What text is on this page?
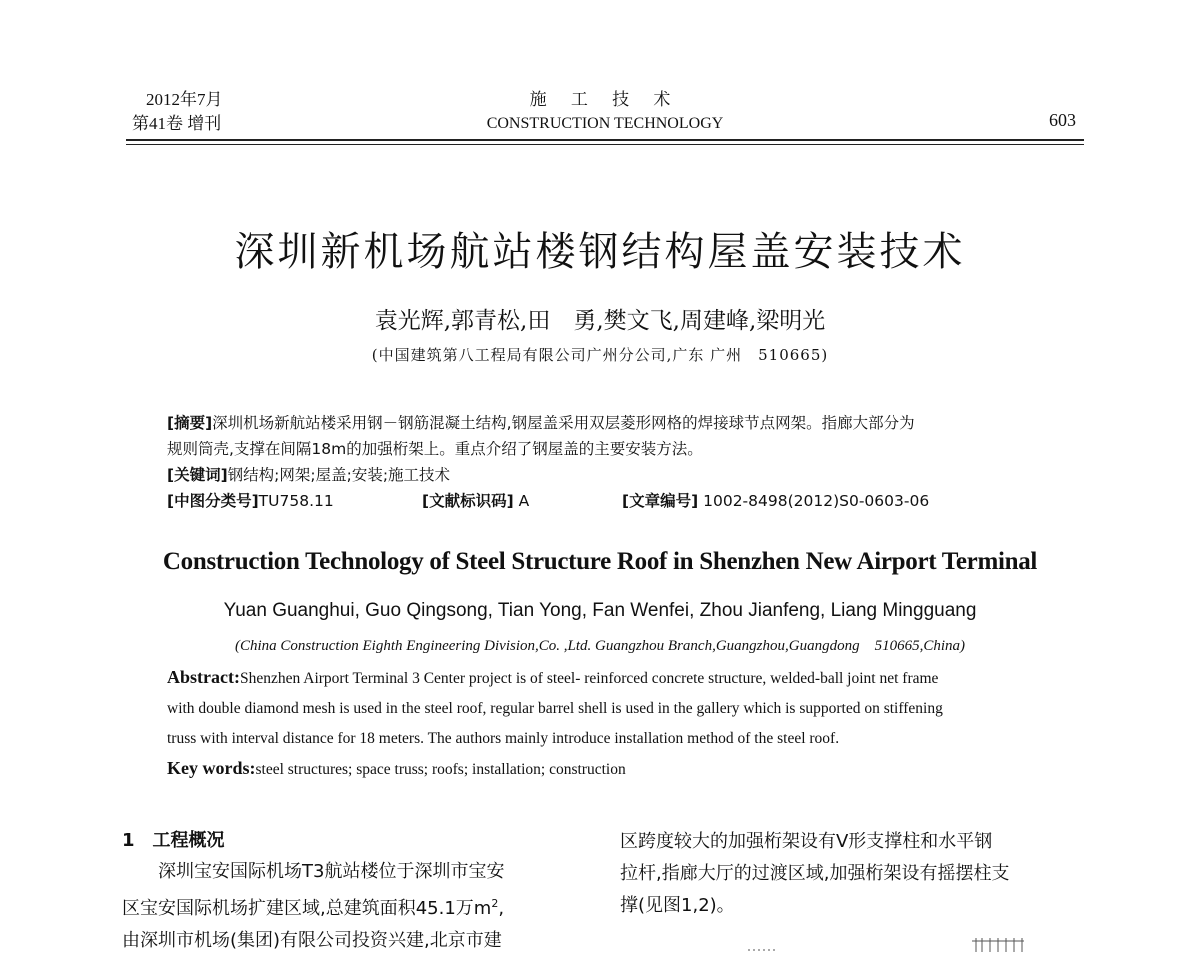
2012年7月
第41卷 增刊
施 工 技 术
CONSTRUCTION TECHNOLOGY	603
深圳新机场航站楼钢结构屋盖安装技术
袁光辉,郭青松,田　勇,樊文飞,周建峰,梁明光
(中国建筑第八工程局有限公司广州分公司,广东 广州　510665)
[摘要]深圳机场新航站楼采用钢－钢筋混凝土结构,钢屋盖采用双层菱形网格的焊接球节点网架。指廊大部分为
规则筒壳,支撑在间隔18m的加强桁架上。重点介绍了钢屋盖的主要安装方法。
[关键词]钢结构;网架;屋盖;安装;施工技术
[中图分类号]TU758.11	[文献标识码] A	[文章编号] 1002-8498(2012)S0-0603-06
Construction Technology of Steel Structure Roof in Shenzhen New Airport Terminal
Yuan Guanghui, Guo Qingsong, Tian Yong, Fan Wenfei, Zhou Jianfeng, Liang Mingguang
(China Construction Eighth Engineering Division,Co. ,Ltd. Guangzhou Branch,Guangzhou,Guangdong　510665,China)
Abstract:Shenzhen Airport Terminal 3 Center project is of steel- reinforced concrete structure, welded-ball joint net frame
with double diamond mesh is used in the steel roof, regular barrel shell is used in the gallery which is supported on stiffening
truss with interval distance for 18 meters. The authors mainly introduce installation method of the steel roof.
Key words:steel structures; space truss; roofs; installation; construction
1 工程概况
深圳宝安国际机场T3航站楼位于深圳市宝安
区宝安国际机场扩建区域,总建筑面积45.1万$m^2$,
由深圳市机场(集团)有限公司投资兴建,北京市建
区跨度较大的加强桁架设有V形支撑柱和水平钢
拉杆,指廊大厅的过渡区域,加强桁架设有摇摆柱支
撑(见图1,2)。
